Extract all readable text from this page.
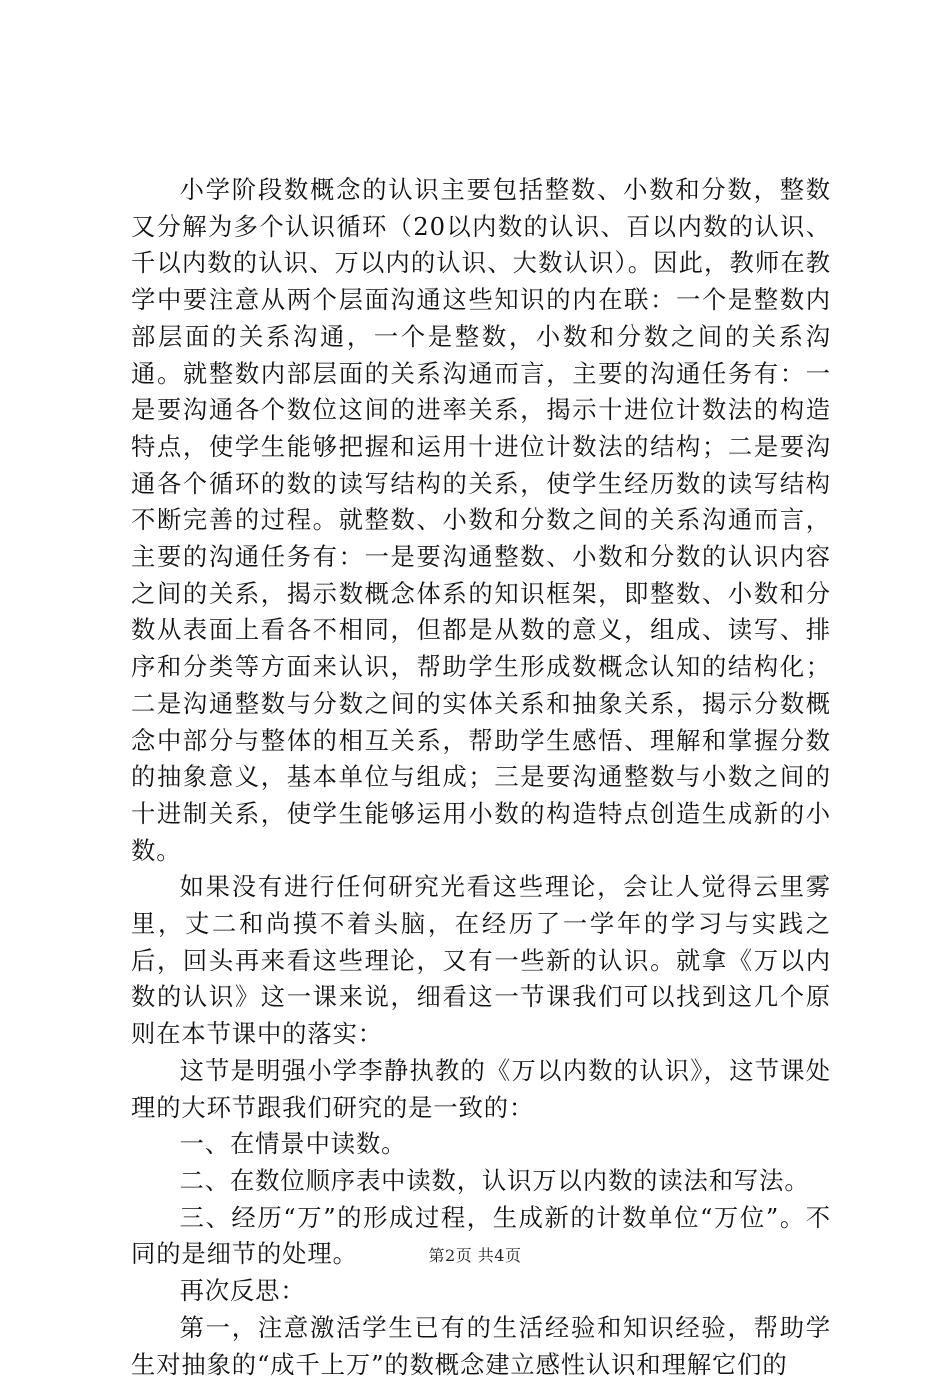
小学阶段数概念的认识主要包括整数、小数和分数，整数又分解为多个认识循环（20以内数的认识、百以内数的认识、千以内数的认识、万以内的认识、大数认识）。因此，教师在教学中要注意从两个层面沟通这些知识的内在联：一个是整数内部层面的关系沟通，一个是整数，小数和分数之间的关系沟通。就整数内部层面的关系沟通而言，主要的沟通任务有：一是要沟通各个数位这间的进率关系，揭示十进位计数法的构造特点，使学生能够把握和运用十进位计数法的结构；二是要沟通各个循环的数的读写结构的关系，使学生经历数的读写结构不断完善的过程。就整数、小数和分数之间的关系沟通而言，主要的沟通任务有：一是要沟通整数、小数和分数的认识内容之间的关系，揭示数概念体系的知识框架，即整数、小数和分数从表面上看各不相同，但都是从数的意义，组成、读写、排序和分类等方面来认识，帮助学生形成数概念认知的结构化；二是沟通整数与分数之间的实体关系和抽象关系，揭示分数概念中部分与整体的相互关系，帮助学生感悟、理解和掌握分数的抽象意义，基本单位与组成；三是要沟通整数与小数之间的十进制关系，使学生能够运用小数的构造特点创造生成新的小数。

如果没有进行任何研究光看这些理论，会让人觉得云里雾里，丈二和尚摸不着头脑，在经历了一学年的学习与实践之后，回头再来看这些理论，又有一些新的认识。就拿《万以内数的认识》这一课来说，细看这一节课我们可以找到这几个原则在本节课中的落实：

这节是明强小学李静执教的《万以内数的认识》，这节课处理的大环节跟我们研究的是一致的：

一、在情景中读数。

二、在数位顺序表中读数，认识万以内数的读法和写法。

三、经历“万”的形成过程，生成新的计数单位“万位”。不同的是细节的处理。

再次反思：

第一，注意激活学生已有的生活经验和知识经验，帮助学生对抽象的“成千上万”的数概念建立感性认识和理解它们的

第2页 共4页
